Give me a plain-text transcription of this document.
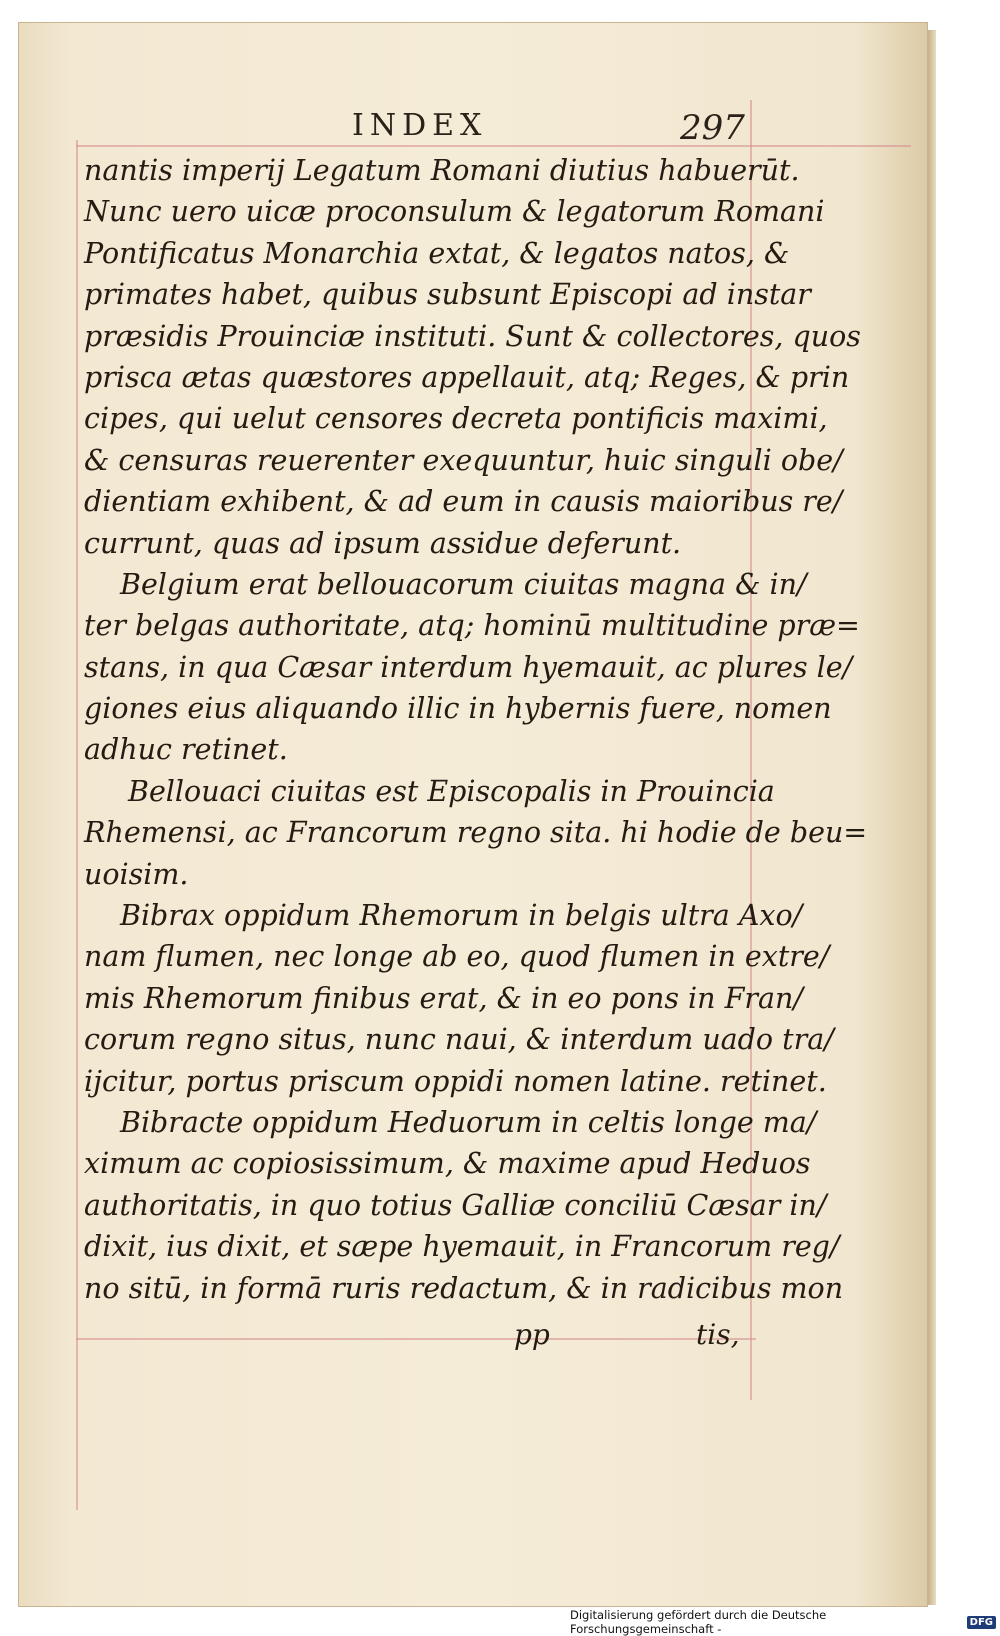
INDEX	297
nantis imperij Legatum Romani diutius habuerūt.
Nunc uero uicæ proconsulum & legatorum Romani
Pontificatus Monarchia extat, & legatos natos, &
primates habet, quibus subsunt Episcopi ad instar
præsidis Prouinciæ instituti. Sunt & collectores, quos
prisca ætas quæstores appellauit, atq; Reges, & prin
cipes, qui uelut censores decreta pontificis maximi,
& censuras reuerenter exequuntur, huic singuli obe/
dientiam exhibent, & ad eum in causis maioribus re/
currunt, quas ad ipsum assidue deferunt.
Belgium erat bellouacorum ciuitas magna & in/
ter belgas authoritate, atq; hominū multitudine præ=
stans, in qua Cæsar interdum hyemauit, ac plures le/
giones eius aliquando illic in hybernis fuere, nomen
adhuc retinet.
Bellouaci ciuitas est Episcopalis in Prouincia
Rhemensi, ac Francorum regno sita. hi hodie de beu=
uoisim.
Bibrax oppidum Rhemorum in belgis ultra Axo/
nam flumen, nec longe ab eo, quod flumen in extre/
mis Rhemorum finibus erat, & in eo pons in Fran/
corum regno situs, nunc naui, & interdum uado tra/
ijcitur, portus priscum oppidi nomen latine. retinet.
Bibracte oppidum Heduorum in celtis longe ma/
ximum ac copiosissimum, & maxime apud Heduos
authoritatis, in quo totius Galliæ conciliū Cæsar in/
dixit, ius dixit, et sæpe hyemauit, in Francorum reg/
no sitū, in formā ruris redactum, & in radicibus mon
pp	tis,
Digitalisierung gefördert durch die Deutsche Forschungsgemeinschaft -	DFG
